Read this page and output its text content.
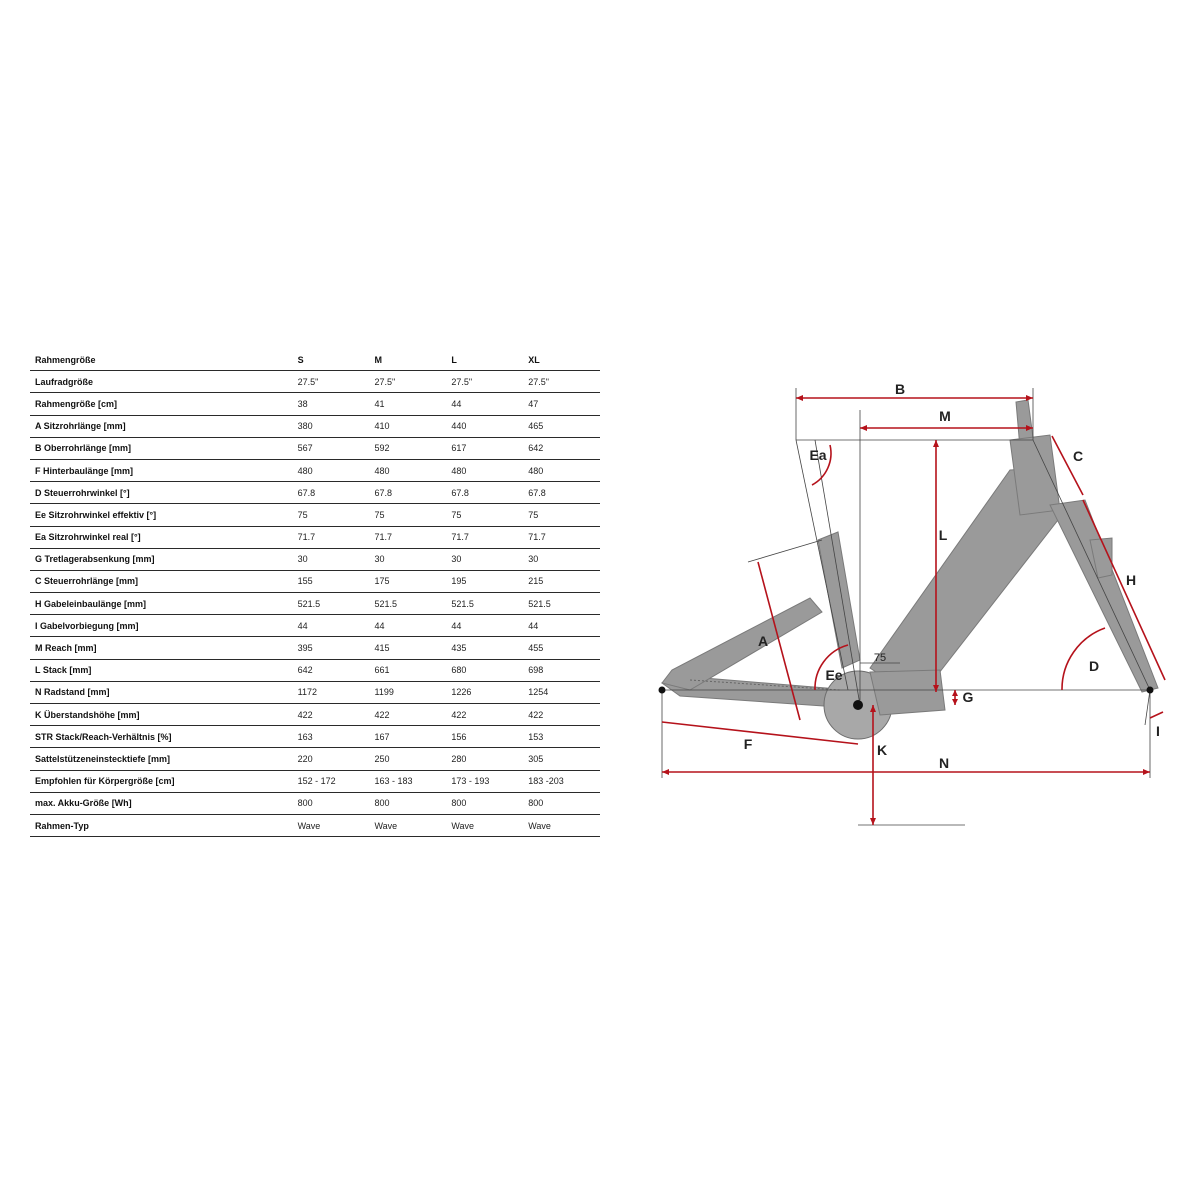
Rahmengröße	S	M	L	XL
Laufradgröße	27.5"	27.5"	27.5"	27.5"
Rahmengröße [cm]	38	41	44	47
A Sitzrohrlänge [mm]	380	410	440	465
B Oberrohrlänge [mm]	567	592	617	642
F Hinterbaulänge [mm]	480	480	480	480
D Steuerrohrwinkel [°]	67.8	67.8	67.8	67.8
Ee Sitzrohrwinkel effektiv [°]	75	75	75	75
Ea Sitzrohrwinkel real [°]	71.7	71.7	71.7	71.7
G Tretlagerabsenkung [mm]	30	30	30	30
C Steuerrohrlänge [mm]	155	175	195	215
H Gabeleinbaulänge [mm]	521.5	521.5	521.5	521.5
I Gabelvorbiegung [mm]	44	44	44	44
M Reach [mm]	395	415	435	455
L Stack [mm]	642	661	680	698
N Radstand [mm]	1172	1199	1226	1254
K Überstandshöhe [mm]	422	422	422	422
STR Stack/Reach-Verhältnis [%]	163	167	156	153
Sattelstützeneinstecktiefe [mm]	220	250	280	305
Empfohlen für Körpergröße [cm]	152 - 172	163 - 183	173 - 193	183 -203
max. Akku-Größe [Wh]	800	800	800	800
Rahmen-Typ	Wave	Wave	Wave	Wave
B
M
C
Ea
L
H
A
D
Ee
G
F	K
I
N
75
